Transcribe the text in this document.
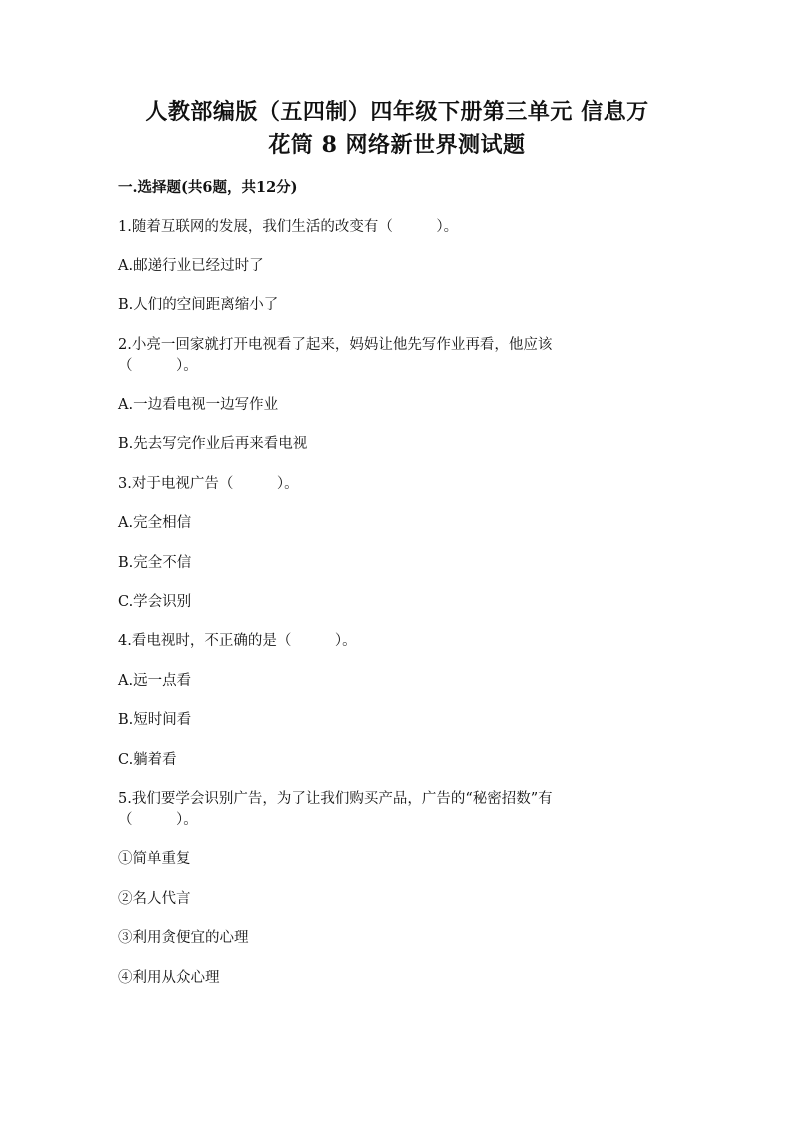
人教部编版（五四制）四年级下册第三单元 信息万
花筒 8 网络新世界测试题
一.选择题(共6题，共12分)
1.随着互联网的发展，我们生活的改变有（　　　）。
A.邮递行业已经过时了
B.人们的空间距离缩小了
2.小亮一回家就打开电视看了起来，妈妈让他先写作业再看，他应该
（　　　）。
A.一边看电视一边写作业
B.先去写完作业后再来看电视
3.对于电视广告（　　　）。
A.完全相信
B.完全不信
C.学会识别
4.看电视时，不正确的是（　　　）。
A.远一点看
B.短时间看
C.躺着看
5.我们要学会识别广告，为了让我们购买产品，广告的“秘密招数”有
（　　　）。
①简单重复
②名人代言
③利用贪便宜的心理
④利用从众心理
